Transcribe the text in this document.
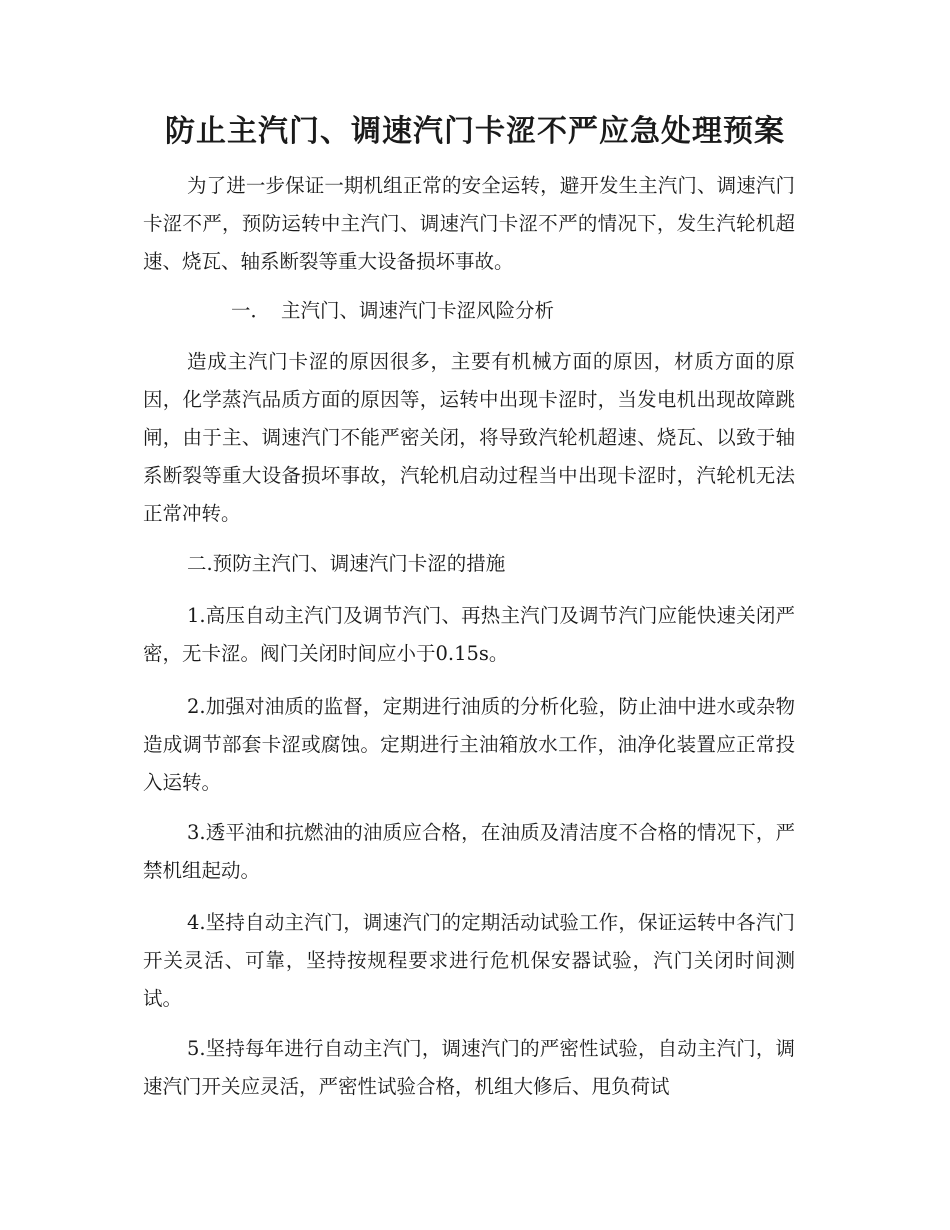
防止主汽门、调速汽门卡涩不严应急处理预案

为了进一步保证一期机组正常的安全运转，避开发生主汽门、调速汽门卡涩不严，预防运转中主汽门、调速汽门卡涩不严的情况下，发生汽轮机超速、烧瓦、轴系断裂等重大设备损坏事故。

一． 主汽门、调速汽门卡涩风险分析

造成主汽门卡涩的原因很多，主要有机械方面的原因，材质方面的原因，化学蒸汽品质方面的原因等，运转中出现卡涩时，当发电机出现故障跳闸，由于主、调速汽门不能严密关闭，将导致汽轮机超速、烧瓦、以致于轴系断裂等重大设备损坏事故，汽轮机启动过程当中出现卡涩时，汽轮机无法正常冲转。

二.预防主汽门、调速汽门卡涩的措施

1.高压自动主汽门及调节汽门、再热主汽门及调节汽门应能快速关闭严密，无卡涩。阀门关闭时间应小于0.15s。

2.加强对油质的监督，定期进行油质的分析化验，防止油中进水或杂物造成调节部套卡涩或腐蚀。定期进行主油箱放水工作，油净化装置应正常投入运转。

3.透平油和抗燃油的油质应合格，在油质及清洁度不合格的情况下，严禁机组起动。

4.坚持自动主汽门，调速汽门的定期活动试验工作，保证运转中各汽门开关灵活、可靠，坚持按规程要求进行危机保安器试验，汽门关闭时间测试。

5.坚持每年进行自动主汽门，调速汽门的严密性试验，自动主汽门，调速汽门开关应灵活，严密性试验合格，机组大修后、甩负荷试
